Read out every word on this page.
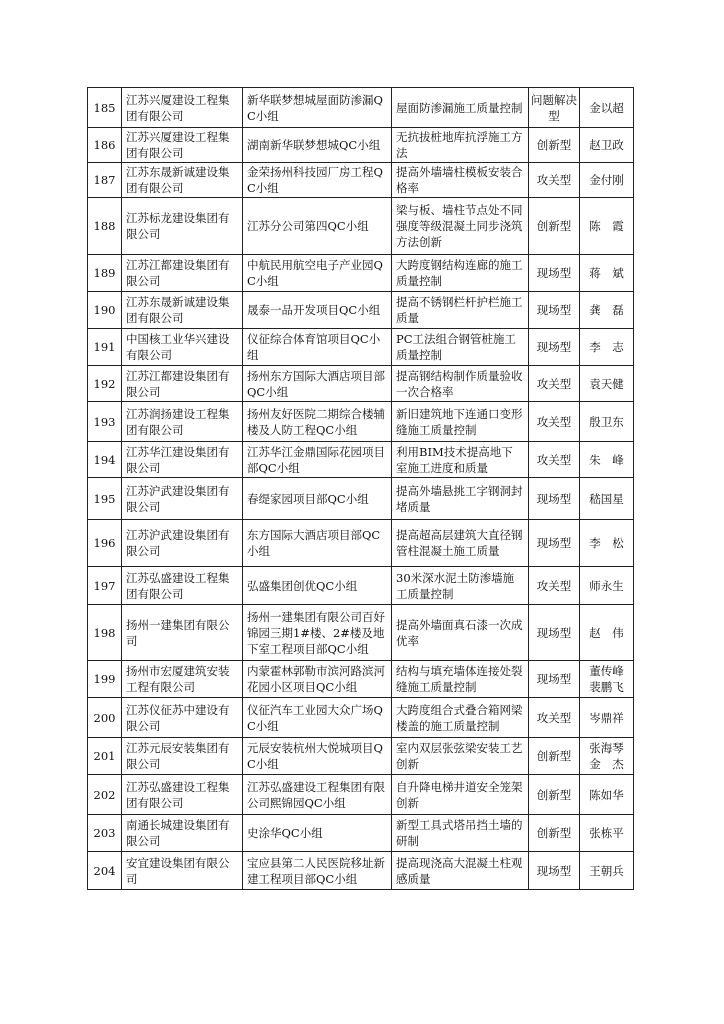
185	江苏兴厦建设工程集团有限公司	新华联梦想城屋面防渗漏QC小组	屋面防渗漏施工质量控制	问题解决型	金以超
186	江苏兴厦建设工程集团有限公司	湖南新华联梦想城QC小组	无抗拔桩地库抗浮施工方法	创新型	赵卫政
187	江苏东晟新诚建设集团有限公司	金荣扬州科技园厂房工程QC小组	提高外墙墙柱模板安装合格率	攻关型	金付刚
188	江苏标龙建设集团有限公司	江苏分公司第四QC小组	梁与板、墙柱节点处不同强度等级混凝土同步浇筑方法创新	创新型	陈　霞
189	江苏江都建设集团有限公司	中航民用航空电子产业园QC小组	大跨度钢结构连廊的施工质量控制	现场型	蒋　斌
190	江苏东晟新诚建设集团有限公司	晟泰一品开发项目QC小组	提高不锈钢栏杆护栏施工质量	现场型	龚　磊
191	中国核工业华兴建设有限公司	仪征综合体育馆项目QC小组	PC工法组合钢管桩施工质量控制	现场型	李　志
192	江苏江都建设集团有限公司	扬州东方国际大酒店项目部QC小组	提高钢结构制作质量验收一次合格率	攻关型	袁天健
193	江苏润扬建设工程集团有限公司	扬州友好医院二期综合楼辅楼及人防工程QC小组	新旧建筑地下连通口变形缝施工质量控制	攻关型	殷卫东
194	江苏华江建设集团有限公司	江苏华江金鼎国际花园项目部QC小组	利用BIM技术提高地下室施工进度和质量	攻关型	朱　峰
195	江苏沪武建设集团有限公司	春缇家园项目部QC小组	提高外墙悬挑工字钢洞封堵质量	现场型	嵇国星
196	江苏沪武建设集团有限公司	东方国际大酒店项目部QC小组	提高超高层建筑大直径钢管柱混凝土施工质量	现场型	李　松
197	江苏弘盛建设工程集团有限公司	弘盛集团创优QC小组	30米深水泥土防渗墙施工质量控制	攻关型	师永生
198	扬州一建集团有限公司	扬州一建集团有限公司百好锦园三期1#楼、2#楼及地下室工程项目部QC小组	提高外墙面真石漆一次成优率	现场型	赵　伟
199	扬州市宏厦建筑安装工程有限公司	内蒙霍林郭勒市滨河路滨河花园小区项目QC小组	结构与填充墙体连接处裂缝施工质量控制	现场型	董传峰 裴鹏飞
200	江苏仪征苏中建设有限公司	仪征汽车工业园大众广场QC小组	大跨度组合式叠合箱网梁楼盖的施工质量控制	攻关型	岑鼎祥
201	江苏元辰安装集团有限公司	元辰安装杭州大悦城项目QC小组	室内双层张弦梁安装工艺创新	创新型	张海琴 金　杰
202	江苏弘盛建设工程集团有限公司	江苏弘盛建设工程集团有限公司熙锦园QC小组	自升降电梯井道安全笼架创新	创新型	陈如华
203	南通长城建设集团有限公司	史涂华QC小组	新型工具式塔吊挡土墙的研制	创新型	张栋平
204	安宜建设集团有限公司	宝应县第二人民医院移址新建工程项目部QC小组	提高现浇高大混凝土柱观感质量	现场型	王朝兵
